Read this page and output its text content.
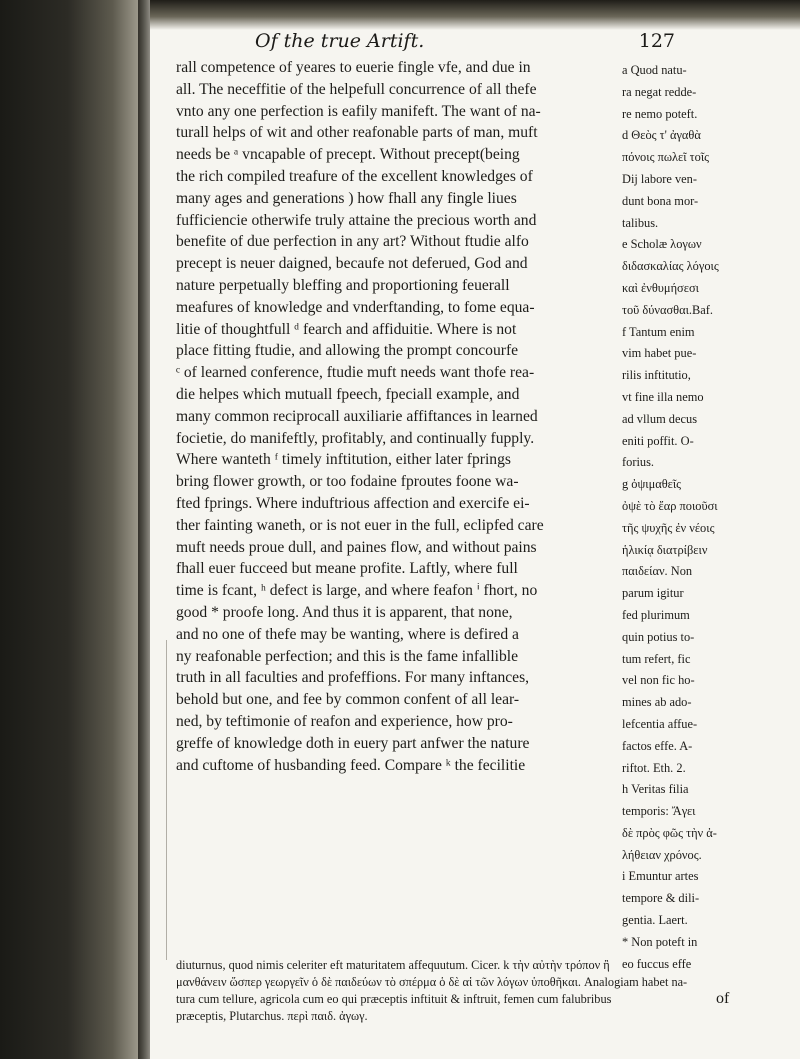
Of the true Artift.	127
rall competence of yeares to euerie fingle vfe, and due in
all. The neceffitie of the helpefull concurrence of all thefe
vnto any one perfection is eafily manifeft. The want of na-
turall helps of wit and other reafonable parts of man, muft
needs be ᵃ vncapable of precept. Without precept(being
the rich compiled treafure of the excellent knowledges of
many ages and generations ) how fhall any fingle liues
fufficiencie otherwife truly attaine the precious worth and
benefite of due perfection in any art? Without ftudie alfo
precept is neuer daigned, becaufe not deferued, God and
nature perpetually bleffing and proportioning feuerall
meafures of knowledge and vnderftanding, to fome equa-
litie of thoughtfull ᵈ fearch and affiduitie. Where is not
place fitting ftudie, and allowing the prompt concourfe
ᶜ of learned conference, ftudie muft needs want thofe rea-
die helpes which mutuall fpeech, fpeciall example, and
many common reciprocall auxiliarie affiftances in learned
focietie, do manifeftly, profitably, and continually fupply.
Where wanteth ᶠ timely inftitution, either later fprings
bring flower growth, or too fodaine fproutes foone wa-
fted fprings. Where induftrious affection and exercife ei-
ther fainting waneth, or is not euer in the full, eclipfed care
muft needs proue dull, and paines flow, and without pains
fhall euer fucceed but meane profite. Laftly, where full
time is fcant, ʰ defect is large, and where feafon ⁱ fhort, no
good * proofe long. And thus it is apparent, that none,
and no one of thefe may be wanting, where is defired a
ny reafonable perfection; and this is the fame infallible
truth in all faculties and profeffions. For many inftances,
behold but one, and fee by common confent of all lear-
ned, by teftimonie of reafon and experience, how pro-
greffe of knowledge doth in euery part anfwer the nature
and cuftome of husbanding feed. Compare ᵏ the fecilitie
a Quod natu-
ra negat redde-
re nemo poteft.
d Θεὸς τ' ἀγαθὰ
πόνοις πωλεῖ τοῖς
Dij labore ven-
dunt bona mor-
talibus.
e Scholæ λογων
διδασκαλίας λόγοις
καὶ ἐνθυμήσεσι
τοῦ δύνασθαι.Baf.
f Tantum enim
vim habet pue-
rilis inftitutio,
vt fine illa nemo
ad vllum decus
eniti poffit. O-
forius.
g ὀψιμαθεῖς
ὀψὲ τὸ ἔαρ ποιοῦσι
τῆς ψυχῆς ἐν νέοις
ἡλικίᾳ διατρίβειν
παιδείαν. Non
parum igitur
fed plurimum
quin potius to-
tum refert, fic
vel non fic ho-
mines ab ado-
lefcentia affue-
factos effe. A-
riftot. Eth. 2.
h Veritas filia
temporis: Ἄγει
δὲ πρὸς φῶς τὴν ἀ-
λήθειαν χρόνος.
i Emuntur artes
tempore & dili-
gentia. Laert.
* Non poteft in
eo fuccus effe
diuturnus, quod nimis celeriter eft maturitatem affequutum. Cicer. k τὴν αὐτὴν τρόπον ἢ
μανθάνειν ὥσπερ γεωργεῖν ὁ δὲ παιδεύων τὸ σπέρμα ὁ δὲ αἱ τῶν λόγων ὑποθῆκαι. Analogiam habet na-
tura cum tellure, agricola cum eo qui præceptis inftituit & inftruit, femen cum falubribus
præceptis, Plutarchus. περὶ παιδ. ἀγωγ.
of
